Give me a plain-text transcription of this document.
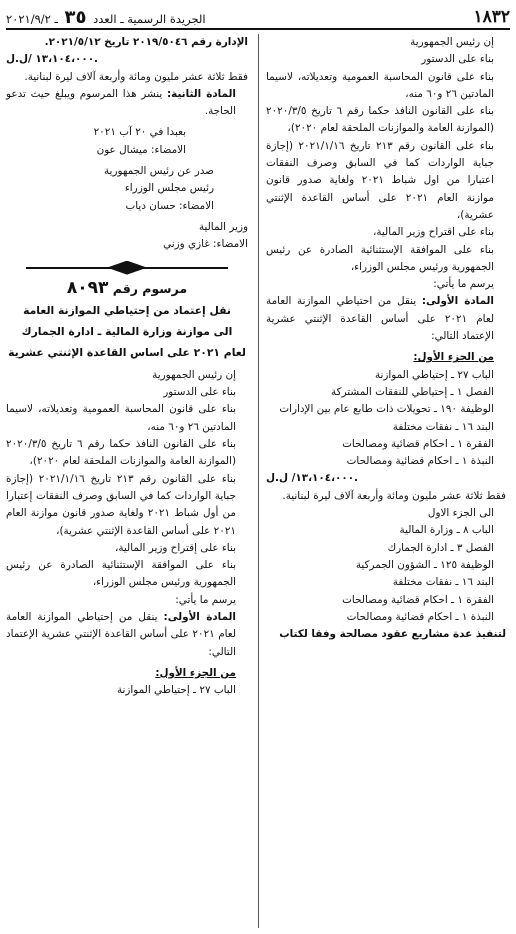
١٨٣٢
الجريدة الرسمية ـ العدد ٣٥ ـ ٢٠٢١/٩/٢

إن رئيس الجمهورية

بناء على الدستور

بناء على قانون المحاسبة العمومية وتعديلاته، لاسيما المادتين ٢٦ و٦٠ منه،

بناء على القانون النافذ حكما رقم ٦ تاريخ ٢٠٢٠/٣/٥ (الموازنة العامة والموازنات الملحقة لعام ٢٠٢٠)،

بناء على القانون رقم ٢١٣ تاريخ ٢٠٢١/١/١٦ (إجازة جباية الواردات كما في السابق وصرف النفقات اعتبارا من اول شباط ٢٠٢١ ولغاية صدور قانون موازنة العام ٢٠٢١ على أساس القاعدة الإثنتي عشرية)،

بناء على اقتراح وزير المالية،

بناء على الموافقة الإستثنائية الصادرة عن رئيس الجمهورية ورئيس مجلس الوزراء،

يرسم ما يأتي:

المادة الأولى: ينقل من احتياطي الموازنة العامة لعام ٢٠٢١ على أساس القاعدة الإثنتي عشرية الإعتماد التالي:

من الجزء الأول:

الباب ٢٧ ـ إحتياطي الموازنة

الفصل ١ ـ إحتياطي للنفقات المشتركة

الوظيفة ١٩٠ ـ تحويلات ذات طابع عام بين الإدارات

البند ١٦ ـ نفقات مختلفة

الفقرة ١ ـ احكام قضائية ومصالحات

النبذة ١ ـ احكام قضائية ومصالحات

١٣،١٠٤،٠٠٠/ ل.ل.

فقط ثلاثة عشر مليون ومائة وأربعة آلاف ليرة لبنانية.

الى الجزء الاول

الباب ٨ ـ وزارة المالية

الفصل ٣ ـ ادارة الجمارك

الوظيفة ١٢٥ ـ الشؤون الجمركية

البند ١٦ ـ نفقات مختلفة

الفقرة ١ ـ احكام قضائية ومصالحات

النبذة ١ ـ احكام قضائية ومصالحات

لتنفيذ عدة مشاريع عقود مصالحة وفقا لكتاب

الإدارة رقم ٢٠١٩/٥٠٤٦ تاريخ ٢٠٢١/٥/١٢.

١٣،١٠٤،٠٠٠ /ل.ل.

فقط ثلاثة عشر مليون ومائة وأربعة آلاف ليرة لبنانية.

المادة الثانية: ينشر هذا المرسوم ويبلغ حيث تدعو الحاجة.

بعبدا في ٢٠ آب ٢٠٢١

الامضاء: ميشال عون

صدر عن رئيس الجمهورية

رئيس مجلس الوزراء

الامضاء: حسان دياب

وزير المالية

الامضاء: غازي وزني

مرسوم رقم ٨٠٩٣

نقل إعتماد من إحتياطي الموازنة العامة

الى موازنة وزارة المالية ـ ادارة الجمارك

لعام ٢٠٢١ على اساس القاعدة الإثنتي عشرية

إن رئيس الجمهورية

بناء على الدستور

بناء على قانون المحاسبة العمومية وتعديلاته، لاسيما المادتين ٢٦ و٦٠ منه،

بناء على القانون النافذ حكما رقم ٦ تاريخ ٢٠٢٠/٣/٥ (الموازنة العامة والموازنات الملحقة لعام ٢٠٢٠)،

بناء على القانون رقم ٢١٣ تاريخ ٢٠٢١/١/١٦ (إجازة جباية الواردات كما في السابق وصرف النفقات إعتبارا من أول شباط ٢٠٢١ ولغاية صدور قانون موازنة العام ٢٠٢١ على أساس القاعدة الإثنتي عشرية)،

بناء على إقتراح وزير المالية،

بناء على الموافقة الإستثنائية الصادرة عن رئيس الجمهورية ورئيس مجلس الوزراء،

يرسم ما يأتي:

المادة الأولى: ينقل من إحتياطي الموازنة العامة لعام ٢٠٢١ على أساس القاعدة الإثنتي عشرية الإعتماد التالي:

من الجزء الأول:

الباب ٢٧ ـ إحتياطي الموازنة
